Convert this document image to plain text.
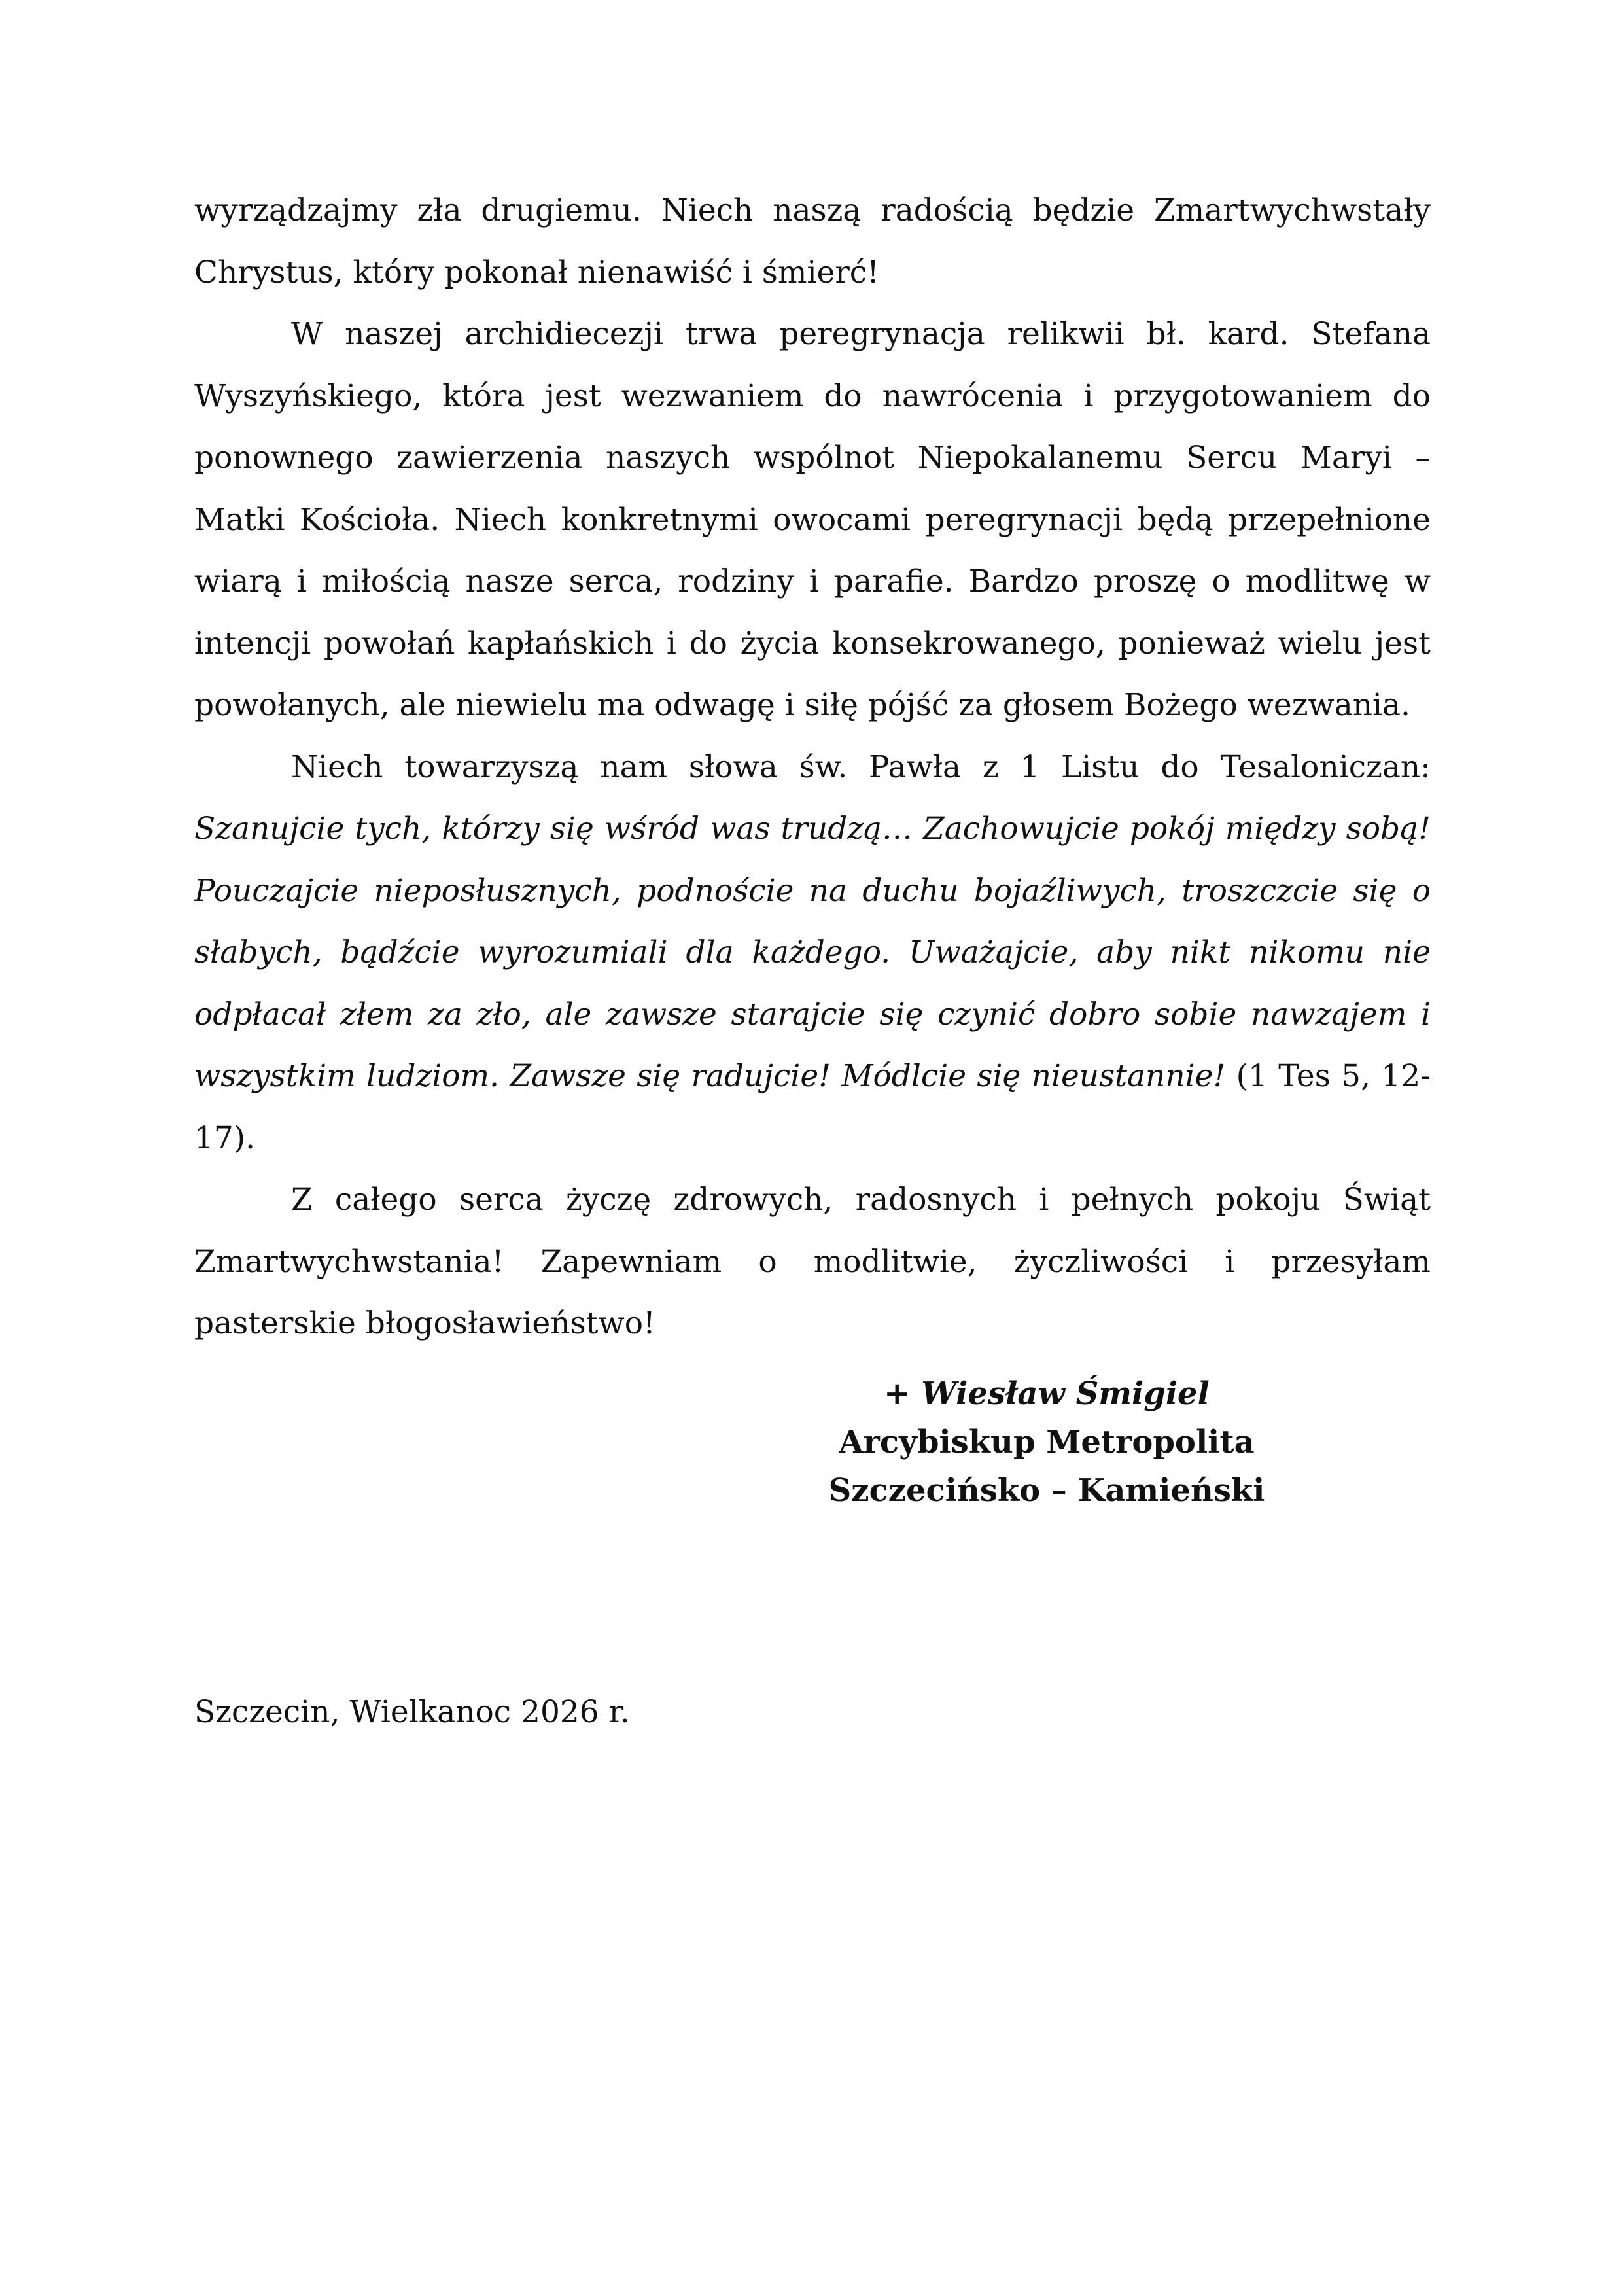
wyrządzajmy zła drugiemu. Niech naszą radością będzie Zmartwychwstały Chrystus, który pokonał nienawiść i śmierć!

W naszej archidiecezji trwa peregrynacja relikwii bł. kard. Stefana Wyszyńskiego, która jest wezwaniem do nawrócenia i przygotowaniem do ponownego zawierzenia naszych wspólnot Niepokalanemu Sercu Maryi – Matki Kościoła. Niech konkretnymi owocami peregrynacji będą przepełnione wiarą i miłością nasze serca, rodziny i parafie. Bardzo proszę o modlitwę w intencji powołań kapłańskich i do życia konsekrowanego, ponieważ wielu jest powołanych, ale niewielu ma odwagę i siłę pójść za głosem Bożego wezwania.

Niech towarzyszą nam słowa św. Pawła z 1 Listu do Tesaloniczan: Szanujcie tych, którzy się wśród was trudzą… Zachowujcie pokój między sobą! Pouczajcie nieposłusznych, podnoście na duchu bojaźliwych, troszczcie się o słabych, bądźcie wyrozumiali dla każdego. Uważajcie, aby nikt nikomu nie odpłacał złem za zło, ale zawsze starajcie się czynić dobro sobie nawzajem i wszystkim ludziom. Zawsze się radujcie! Módlcie się nieustannie! (1 Tes 5, 12-17).

Z całego serca życzę zdrowych, radosnych i pełnych pokoju Świąt Zmartwychwstania! Zapewniam o modlitwie, życzliwości i przesyłam pasterskie błogosławieństwo!

+ Wiesław Śmigiel
Arcybiskup Metropolita
Szczecińsko – Kamieński
Szczecin, Wielkanoc 2026 r.
